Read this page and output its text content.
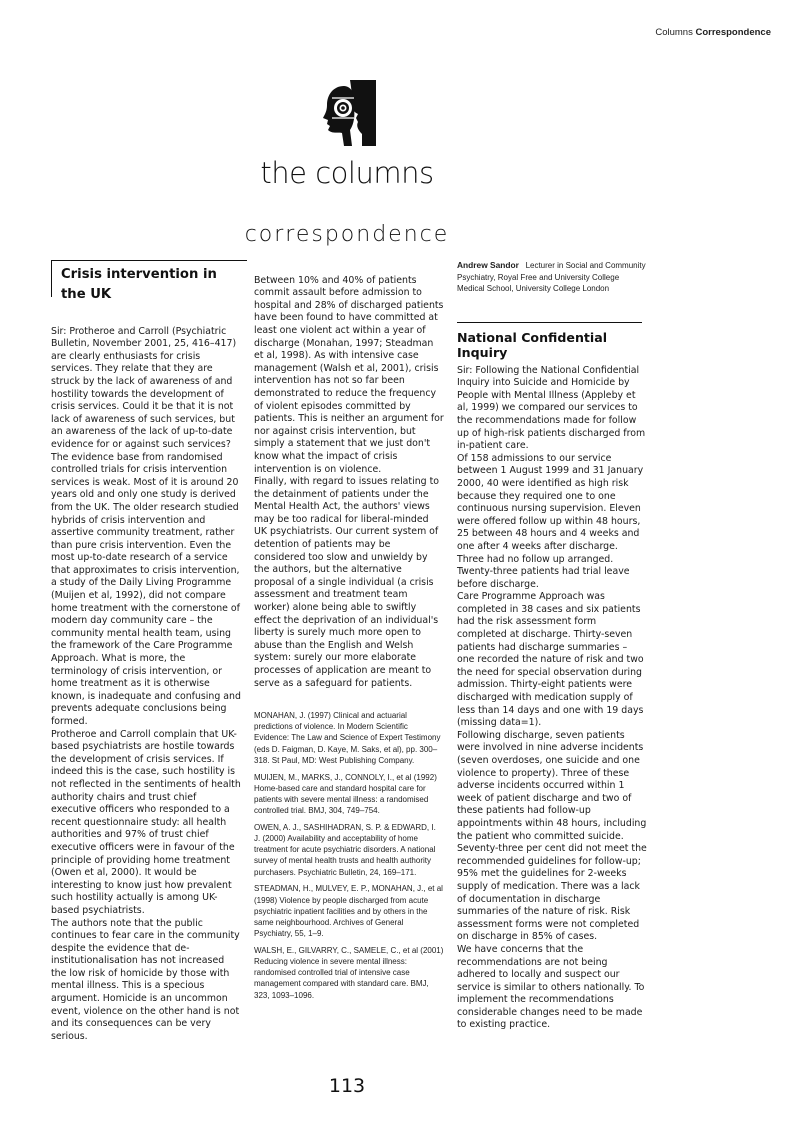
Columns Correspondence
the columns
correspondence
Crisis intervention in the UK

Sir: Protheroe and Carroll (Psychiatric Bulletin, November 2001, 25, 416–417) are clearly enthusiasts for crisis services. They relate that they are struck by the lack of awareness of and hostility towards the development of crisis services. Could it be that it is not lack of awareness of such services, but an awareness of the lack of up-to-date evidence for or against such services? The evidence base from randomised controlled trials for crisis intervention services is weak. Most of it is around 20 years old and only one study is derived from the UK. The older research studied hybrids of crisis intervention and assertive community treatment, rather than pure crisis intervention. Even the most up-to-date research of a service that approximates to crisis intervention, a study of the Daily Living Programme (Muijen et al, 1992), did not compare home treatment with the cornerstone of modern day community care – the community mental health team, using the framework of the Care Programme Approach. What is more, the terminology of crisis intervention, or home treatment as it is otherwise known, is inadequate and confusing and prevents adequate conclusions being formed.
Protheroe and Carroll complain that UK-based psychiatrists are hostile towards the development of crisis services. If indeed this is the case, such hostility is not reflected in the sentiments of health authority chairs and trust chief executive officers who responded to a recent questionnaire study: all health authorities and 97% of trust chief executive officers were in favour of the principle of providing home treatment (Owen et al, 2000). It would be interesting to know just how prevalent such hostility actually is among UK-based psychiatrists.
The authors note that the public continues to fear care in the community despite the evidence that de-institutionalisation has not increased the low risk of homicide by those with mental illness. This is a specious argument. Homicide is an uncommon event, violence on the other hand is not and its consequences can be very serious.

Between 10% and 40% of patients commit assault before admission to hospital and 28% of discharged patients have been found to have committed at least one violent act within a year of discharge (Monahan, 1997; Steadman et al, 1998). As with intensive case management (Walsh et al, 2001), crisis intervention has not so far been demonstrated to reduce the frequency of violent episodes committed by patients. This is neither an argument for nor against crisis intervention, but simply a statement that we just don't know what the impact of crisis intervention is on violence.
Finally, with regard to issues relating to the detainment of patients under the Mental Health Act, the authors' views may be too radical for liberal-minded UK psychiatrists. Our current system of detention of patients may be considered too slow and unwieldy by the authors, but the alternative proposal of a single individual (a crisis assessment and treatment team worker) alone being able to swiftly effect the deprivation of an individual's liberty is surely much more open to abuse than the English and Welsh system: surely our more elaborate processes of application are meant to serve as a safeguard for patients.

MONAHAN, J. (1997) Clinical and actuarial predictions of violence. In Modern Scientific Evidence: The Law and Science of Expert Testimony (eds D. Faigman, D. Kaye, M. Saks, et al), pp. 300–318. St Paul, MD: West Publishing Company.

MUIJEN, M., MARKS, J., CONNOLY, I., et al (1992) Home-based care and standard hospital care for patients with severe mental illness: a randomised controlled trial. BMJ, 304, 749–754.

OWEN, A. J., SASHIHADRAN, S. P. & EDWARD, I. J. (2000) Availability and acceptability of home treatment for acute psychiatric disorders. A national survey of mental health trusts and health authority purchasers. Psychiatric Bulletin, 24, 169–171.

STEADMAN, H., MULVEY, E. P., MONAHAN, J., et al (1998) Violence by people discharged from acute psychiatric inpatient facilities and by others in the same neighbourhood. Archives of General Psychiatry, 55, 1–9.

WALSH, E., GILVARRY, C., SAMELE, C., et al (2001) Reducing violence in severe mental illness: randomised controlled trial of intensive case management compared with standard care. BMJ, 323, 1093–1096.

Andrew Sandor Lecturer in Social and Community Psychiatry, Royal Free and University College Medical School, University College London
National Confidential Inquiry

Sir: Following the National Confidential Inquiry into Suicide and Homicide by People with Mental Illness (Appleby et al, 1999) we compared our services to the recommendations made for follow up of high-risk patients discharged from in-patient care.
Of 158 admissions to our service between 1 August 1999 and 31 January 2000, 40 were identified as high risk because they required one to one continuous nursing supervision. Eleven were offered follow up within 48 hours, 25 between 48 hours and 4 weeks and one after 4 weeks after discharge. Three had no follow up arranged. Twenty-three patients had trial leave before discharge.
Care Programme Approach was completed in 38 cases and six patients had the risk assessment form completed at discharge. Thirty-seven patients had discharge summaries – one recorded the nature of risk and two the need for special observation during admission. Thirty-eight patients were discharged with medication supply of less than 14 days and one with 19 days (missing data=1).
Following discharge, seven patients were involved in nine adverse incidents (seven overdoses, one suicide and one violence to property). Three of these adverse incidents occurred within 1 week of patient discharge and two of these patients had follow-up appointments within 48 hours, including the patient who committed suicide.
Seventy-three per cent did not meet the recommended guidelines for follow-up; 95% met the guidelines for 2-weeks supply of medication. There was a lack of documentation in discharge summaries of the nature of risk. Risk assessment forms were not completed on discharge in 85% of cases.
We have concerns that the recommendations are not being adhered to locally and suspect our service is similar to others nationally. To implement the recommendations considerable changes need to be made to existing practice.

113
